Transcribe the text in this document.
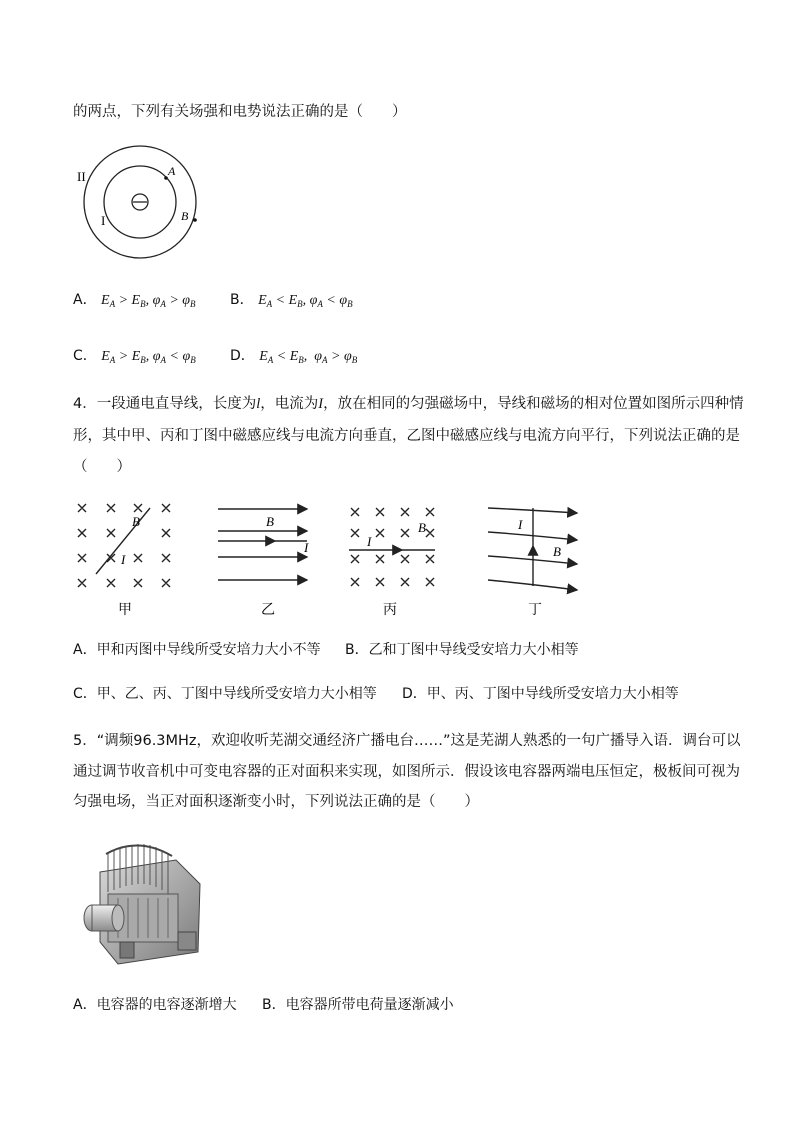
的两点，下列有关场强和电势说法正确的是（　　）
II
I
A
B
A． $E_A > E_B$, $\varphi_A > \varphi_B$ B． $E_A < E_B$, $\varphi_A < \varphi_B$
C． $E_A > E_B$, $\varphi_A < \varphi_B$ D． $E_A < E_B$,  $\varphi_A > \varphi_B$
4．一段通电直导线，长度为l，电流为I，放在相同的匀强磁场中，导线和磁场的相对位置如图所示四种情
形，其中甲、丙和丁图中磁感应线与电流方向垂直，乙图中磁感应线与电流方向平行，下列说法正确的是
（　　）
B
I
甲
B
I
乙
B
I
丙
I
B
丁
A．甲和丙图中导线所受安培力大小不等 B．乙和丁图中导线受安培力大小相等
C．甲、乙、丙、丁图中导线所受安培力大小相等 D．甲、丙、丁图中导线所受安培力大小相等
5．“调频96.3MHz，欢迎收听芜湖交通经济广播电台……”这是芜湖人熟悉的一句广播导入语．调台可以
通过调节收音机中可变电容器的正对面积来实现，如图所示．假设该电容器两端电压恒定，极板间可视为
匀强电场，当正对面积逐渐变小时，下列说法正确的是（　　）
A．电容器的电容逐渐增大 B．电容器所带电荷量逐渐减小
